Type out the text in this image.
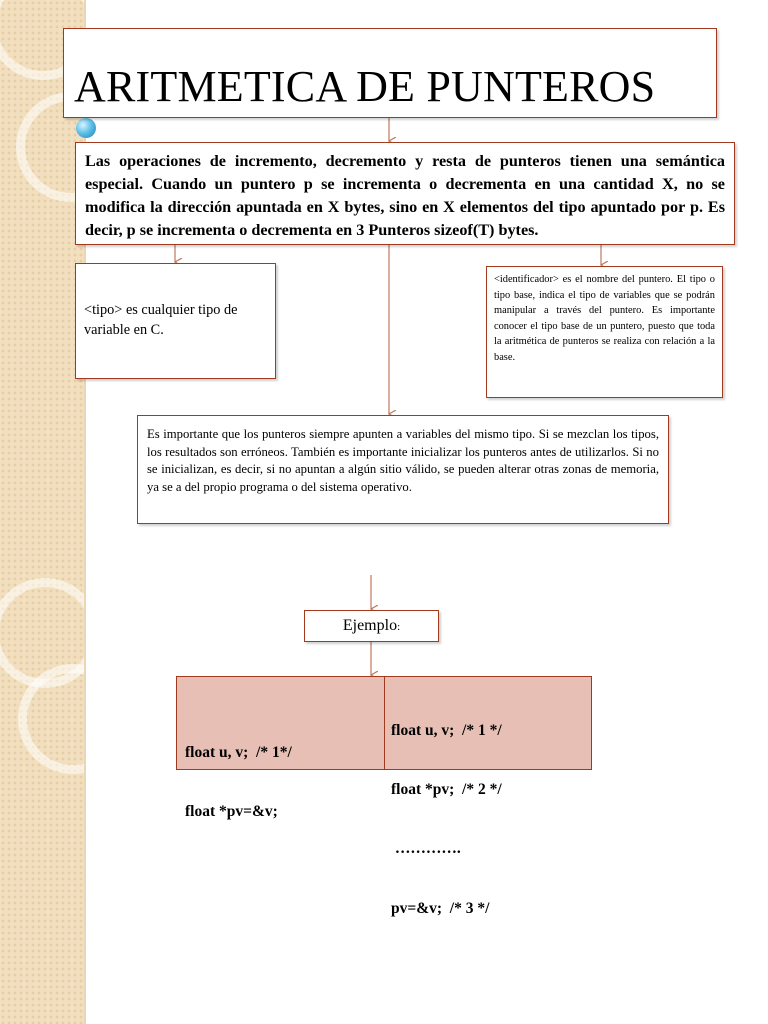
ARITMETICA DE PUNTEROS

Las operaciones de incremento, decremento y resta de punteros tienen una semántica especial. Cuando un puntero p se incrementa o decrementa en una cantidad X, no se modifica la dirección apuntada en X bytes, sino en X elementos del tipo apuntado por p. Es decir, p se incrementa o decrementa en 3 Punteros sizeof(T) bytes.

<tipo> es cualquier tipo de variable en C.

<identificador> es el nombre del puntero. El tipo o tipo base, indica el tipo de variables que se podrán manipular a través del puntero. Es importante conocer el tipo base de un puntero, puesto que toda la aritmética de punteros se realiza con relación a la base.

Es importante que los punteros siempre apunten a variables del mismo tipo. Si se mezclan los tipos, los resultados son erróneos. También es importante inicializar los punteros antes de utilizarlos. Si no se inicializan, es decir, si no apuntan a algún sitio válido, se pueden alterar otras zonas de memoria, ya se a del propio programa o del sistema operativo.

Ejemplo:

float u, v;  /* 1*/

float *pv=&v;

float u, v;  /* 1 */

float *pv;  /* 2 */

………….

pv=&v;  /* 3 */
